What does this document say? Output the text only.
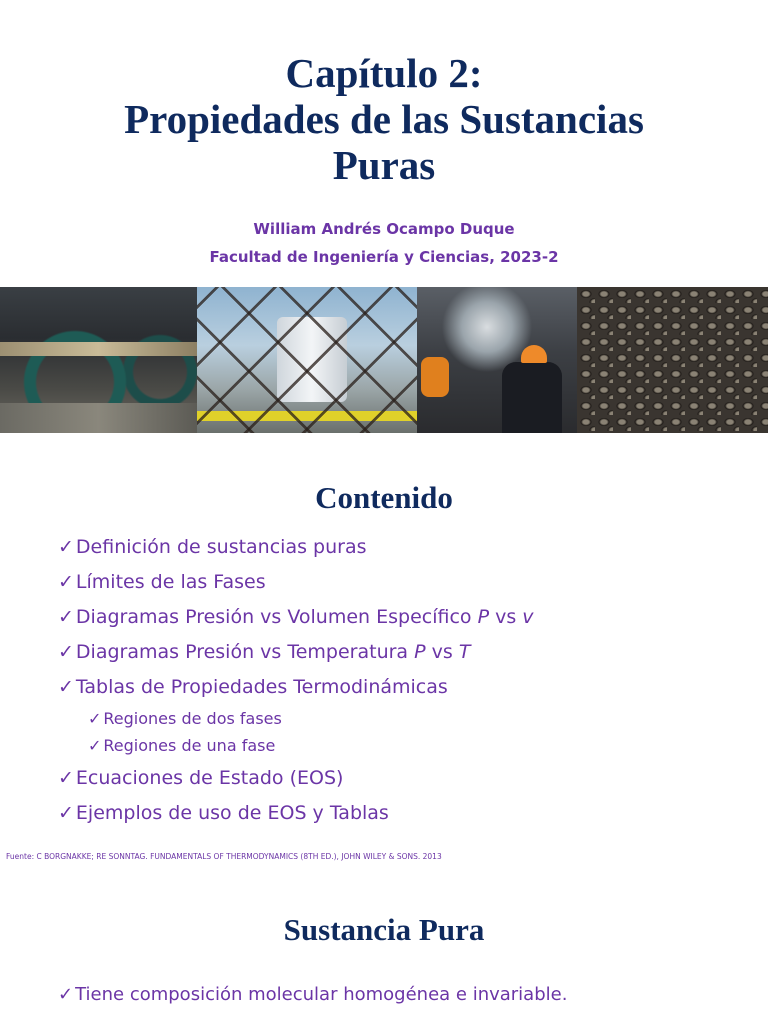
Capítulo 2:
Propiedades de las Sustancias
Puras
William Andrés Ocampo Duque
Facultad de Ingeniería y Ciencias, 2023-2
Contenido
✓ Definición de sustancias puras
✓ Límites de las Fases
✓ Diagramas Presión vs Volumen Específico P vs v
✓ Diagramas Presión vs Temperatura P vs T
✓ Tablas de Propiedades Termodinámicas
✓ Regiones de dos fases
✓ Regiones de una fase
✓ Ecuaciones de Estado (EOS)
✓ Ejemplos de uso de EOS y Tablas
Fuente: C BORGNAKKE; RE SONNTAG. FUNDAMENTALS OF THERMODYNAMICS (8TH ED.), JOHN WILEY & SONS. 2013
Sustancia Pura
✓ Tiene composición molecular homogénea e invariable.
